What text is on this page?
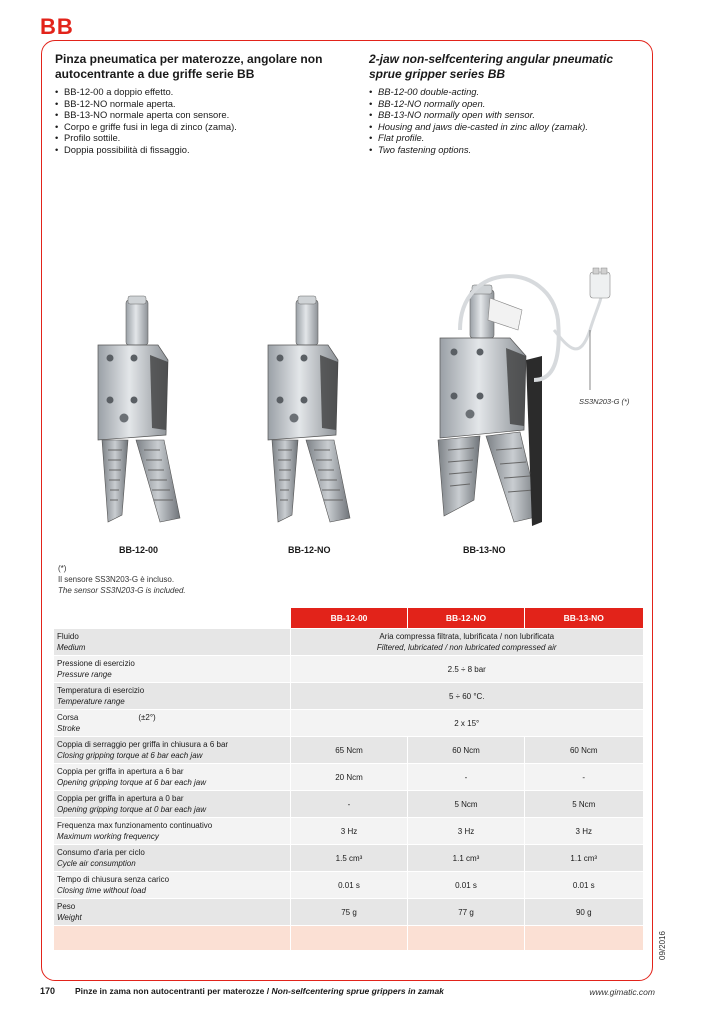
BB
Pinza pneumatica per materozze, angolare non autocentrante a due griffe serie BB
• BB-12-00 a doppio effetto.
• BB-12-NO normale aperta.
• BB-13-NO normale aperta con sensore.
• Corpo e griffe fusi in lega di zinco (zama).
• Profilo sottile.
• Doppia possibilità di fissaggio.
2-jaw non-selfcentering angular pneumatic sprue gripper series BB
• BB-12-00 double-acting.
• BB-12-NO normally open.
• BB-13-NO normally open with sensor.
• Housing and jaws die-casted in zinc alloy (zamak).
• Flat profile.
• Two fastening options.
BB-12-00	BB-12-NO	BB-13-NO
SS3N203-G (*)
(*)
Il sensore SS3N203-G è incluso.
The sensor SS3N203-G is included.
	BB-12-00	BB-12-NO	BB-13-NO
Fluido
Medium	Aria compressa filtrata, lubrificata / non lubrificata
Filtered, lubricated / non lubricated compressed air		

Pressione di esercizio
Pressure range	2.5 ÷ 8 bar		
Temperatura di esercizio
Temperature range	5 ÷ 60 °C.		
Corsa (±2°)
Stroke	2 x 15°		
Coppia di serraggio per griffa in chiusura a 6 bar
Closing gripping torque at 6 bar each jaw	65 Ncm	60 Ncm	60 Ncm
Coppia per griffa in apertura a 6 bar
Opening gripping torque at 6 bar each jaw	20 Ncm	-	-
Coppia per griffa in apertura a 0 bar
Opening gripping torque at 0 bar each jaw	-	5 Ncm	5 Ncm
Frequenza max funzionamento continuativo
Maximum working frequency	3 Hz	3 Hz	3 Hz
Consumo d'aria per ciclo
Cycle air consumption	1.5 cm³	1.1 cm³	1.1 cm³
Tempo di chiusura senza carico
Closing time without load	0.01 s	0.01 s	0.01 s
Peso
Weight	75 g	77 g	90 g

09/2016
170 Pinze in zama non autocentranti per materozze / Non-selfcentering sprue grippers in zamak	www.gimatic.com
